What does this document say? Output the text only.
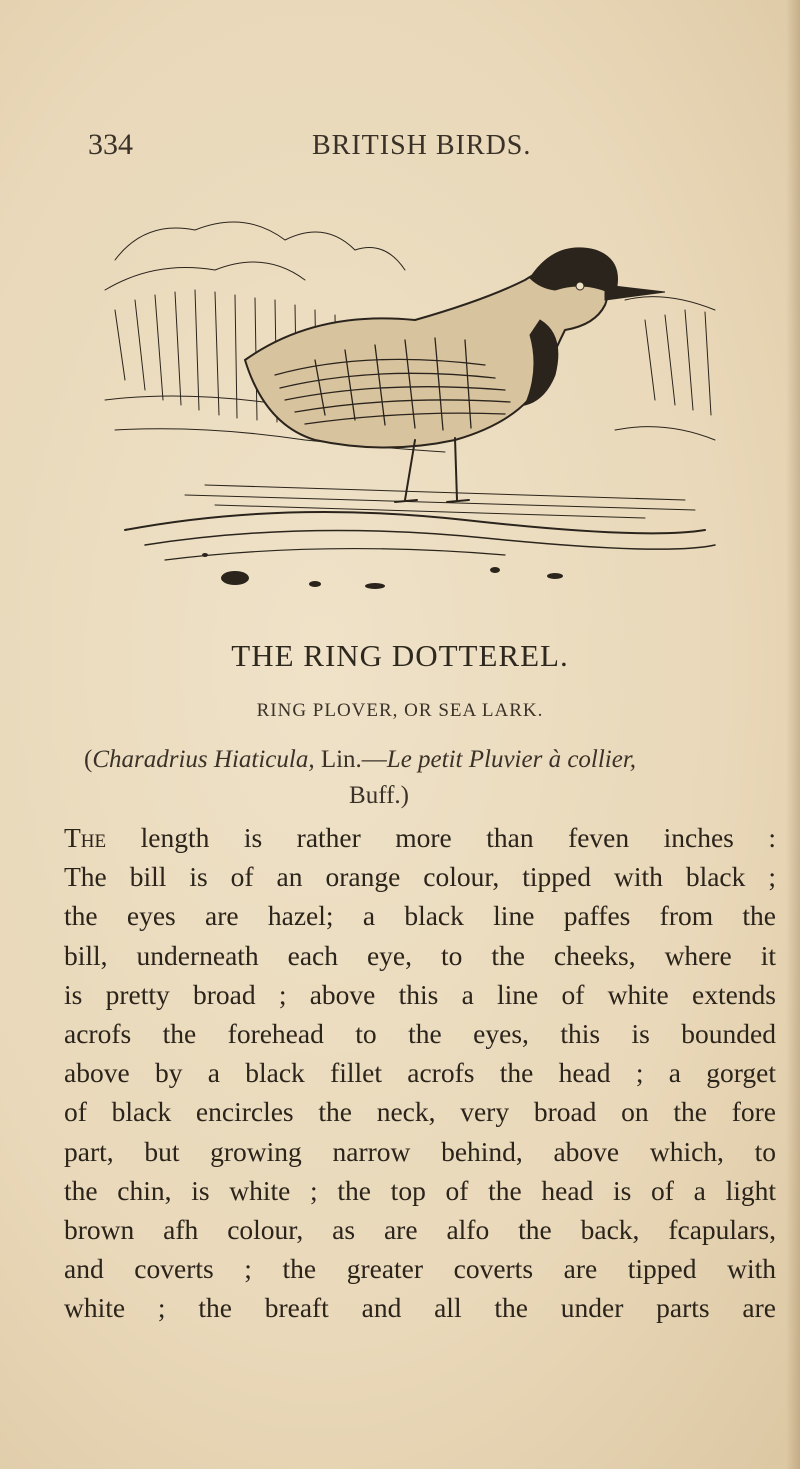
334	BRITISH BIRDS.
THE RING DOTTEREL.
RING PLOVER, OR SEA LARK.
(Charadrius Hiaticula, Lin.—Le petit Pluvier à collier,
Buff.)
The length is rather more than feven inches :
The bill is of an orange colour, tipped with black ;
the eyes are hazel; a black line paffes from the
bill, underneath each eye, to the cheeks, where it
is pretty broad ; above this a line of white extends
acrofs the forehead to the eyes, this is bounded
above by a black fillet acrofs the head ; a gorget
of black encircles the neck, very broad on the fore
part, but growing narrow behind, above which, to
the chin, is white ; the top of the head is of a light
brown afh colour, as are alfo the back, fcapulars,
and coverts ; the greater coverts are tipped with
white ; the breaft and all the under parts are
